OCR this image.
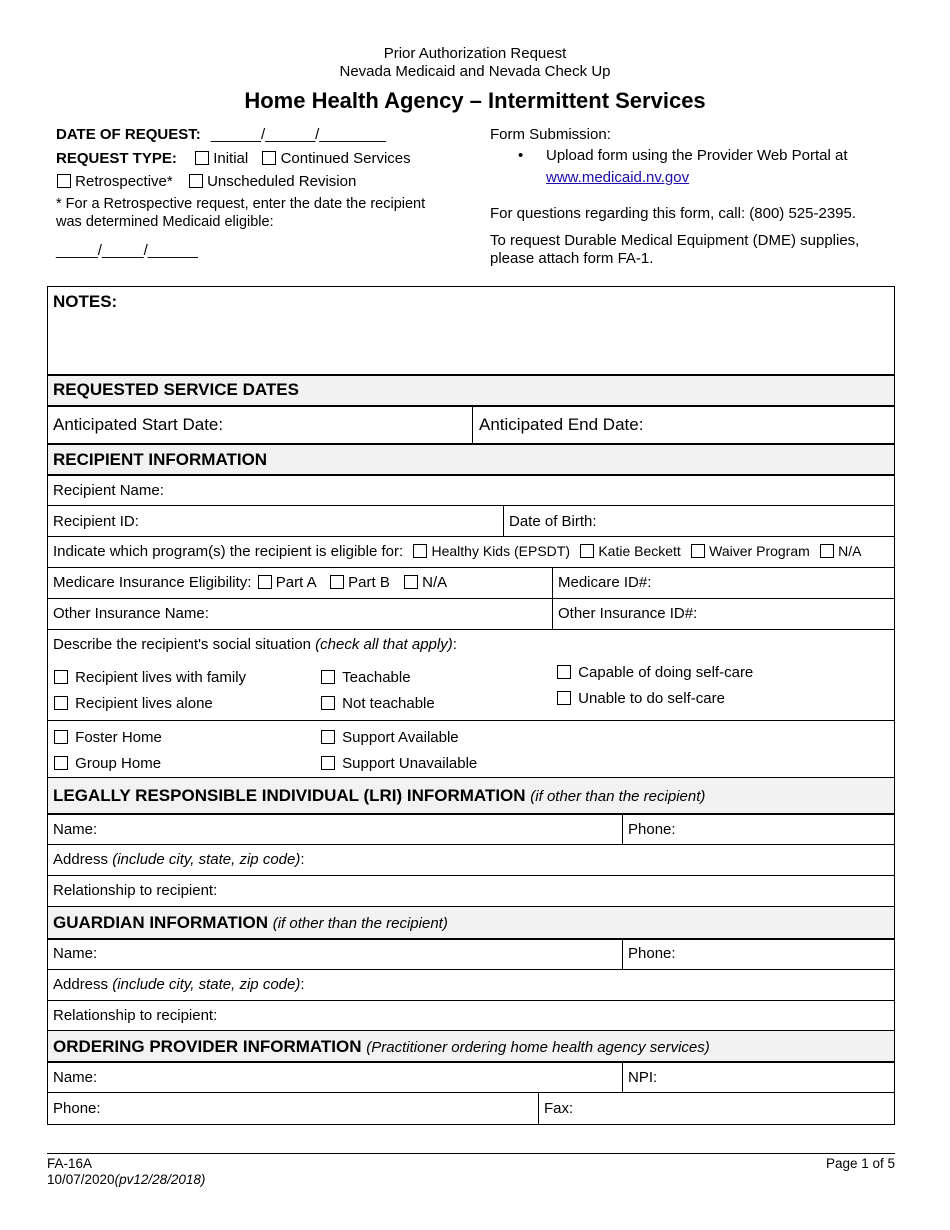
Prior Authorization Request
Nevada Medicaid and Nevada Check Up
Home Health Agency – Intermittent Services
DATE OF REQUEST: ______/______/________
REQUEST TYPE: Initial Continued Services
Retrospective* Unscheduled Revision
* For a Retrospective request, enter the date the recipient
was determined Medicaid eligible:
_____/_____/______
Form Submission:
• Upload form using the Provider Web Portal at
www.medicaid.nv.gov
For questions regarding this form, call: (800) 525-2395.
To request Durable Medical Equipment (DME) supplies,
please attach form FA-1.
NOTES:
REQUESTED SERVICE DATES
Anticipated Start Date:	Anticipated End Date:
RECIPIENT INFORMATION
Recipient Name:
Recipient ID:	Date of Birth:
Indicate which program(s) the recipient is eligible for: Healthy Kids (EPSDT) Katie Beckett Waiver Program N/A
Medicare Insurance Eligibility: Part A Part B N/A	Medicare ID#:
Other Insurance Name:	Other Insurance ID#:
Describe the recipient's social situation (check all that apply):
Recipient lives with family
Recipient lives alone
Teachable
Not teachable
Capable of doing self-care
Unable to do self-care
Foster Home
Group Home
Support Available
Support Unavailable
LEGALLY RESPONSIBLE INDIVIDUAL (LRI) INFORMATION (if other than the recipient)
Name:	Phone:
Address (include city, state, zip code):
Relationship to recipient:
GUARDIAN INFORMATION (if other than the recipient)
Name:	Phone:
Address (include city, state, zip code):
Relationship to recipient:
ORDERING PROVIDER INFORMATION (Practitioner ordering home health agency services)
Name:	NPI:
Phone:	Fax:
FA-16A
10/07/2020(pv12/28/2018)
Page 1 of 5
